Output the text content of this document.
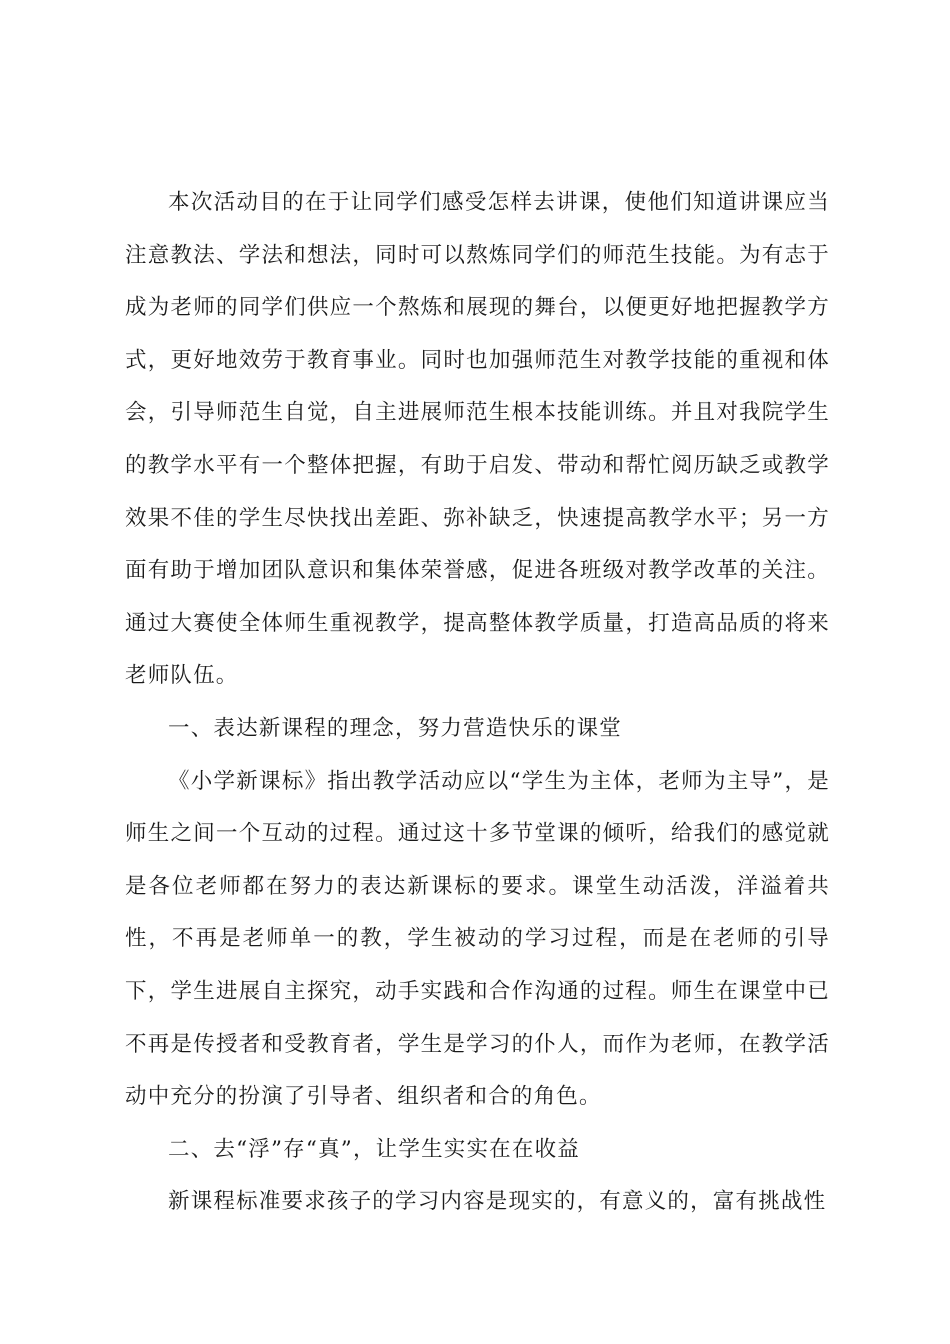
本次活动目的在于让同学们感受怎样去讲课，使他们知道讲课应当注意教法、学法和想法，同时可以熬炼同学们的师范生技能。为有志于成为老师的同学们供应一个熬炼和展现的舞台，以便更好地把握教学方式，更好地效劳于教育事业。同时也加强师范生对教学技能的重视和体会，引导师范生自觉，自主进展师范生根本技能训练。并且对我院学生的教学水平有一个整体把握，有助于启发、带动和帮忙阅历缺乏或教学效果不佳的学生尽快找出差距、弥补缺乏，快速提高教学水平；另一方面有助于增加团队意识和集体荣誉感，促进各班级对教学改革的关注。通过大赛使全体师生重视教学，提高整体教学质量，打造高品质的将来老师队伍。

一、表达新课程的理念，努力营造快乐的课堂

《小学新课标》指出教学活动应以“学生为主体，老师为主导”，是师生之间一个互动的过程。通过这十多节堂课的倾听，给我们的感觉就是各位老师都在努力的表达新课标的要求。课堂生动活泼，洋溢着共性，不再是老师单一的教，学生被动的学习过程，而是在老师的引导下，学生进展自主探究，动手实践和合作沟通的过程。师生在课堂中已不再是传授者和受教育者，学生是学习的仆人，而作为老师，在教学活动中充分的扮演了引导者、组织者和合的角色。

二、去“浮”存“真”，让学生实实在在收益

新课程标准要求孩子的学习内容是现实的，有意义的，富有挑战性
